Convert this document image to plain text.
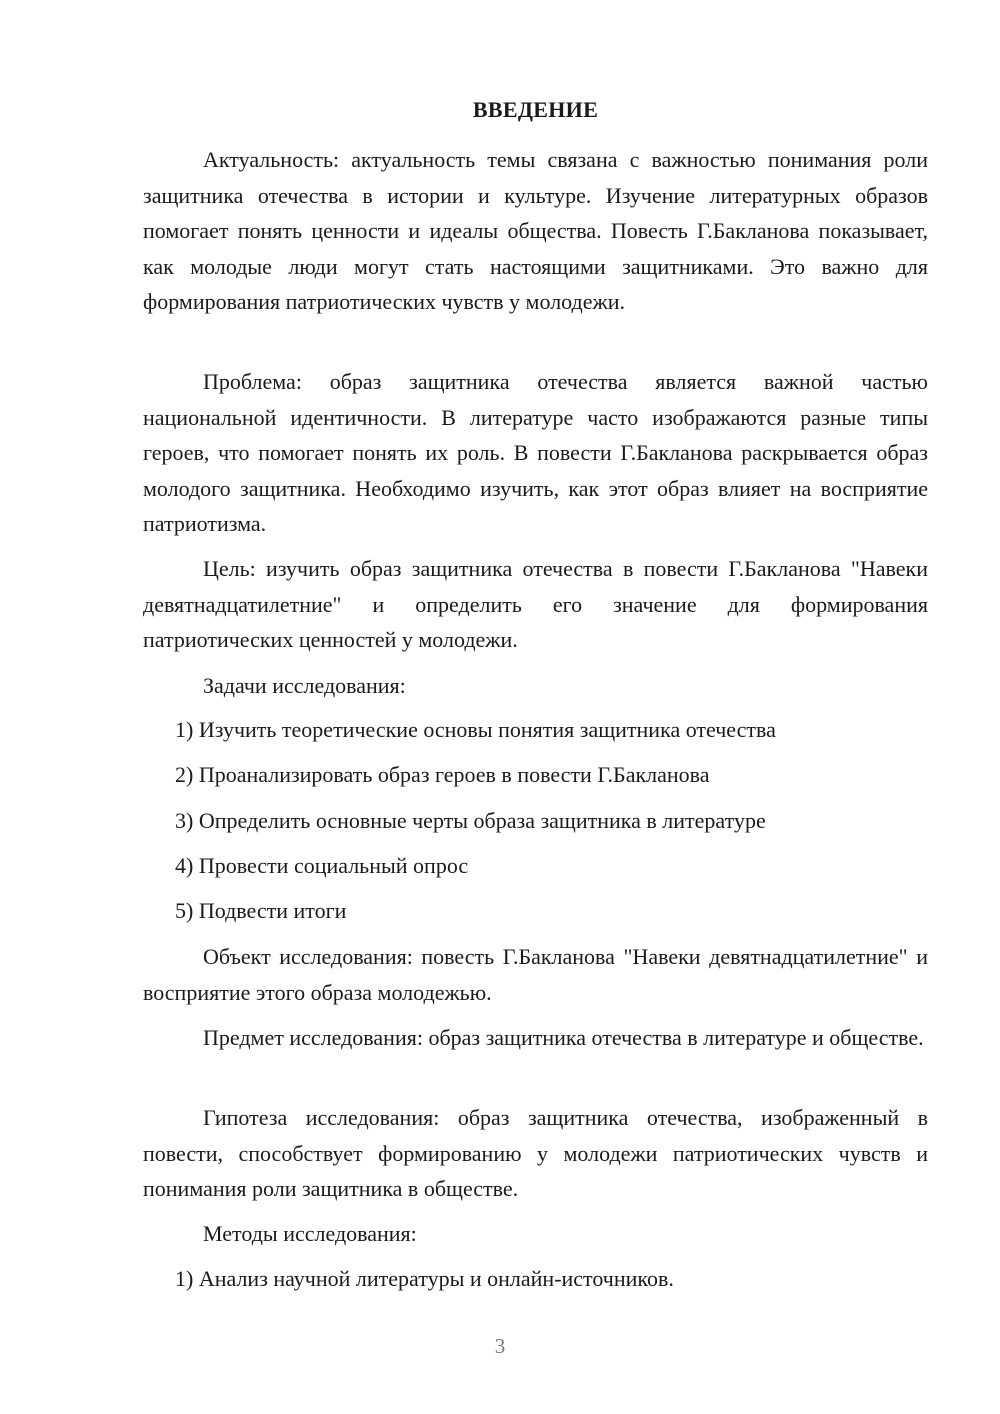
ВВЕДЕНИЕ

Актуальность: актуальность темы связана с важностью понимания роли защитника отечества в истории и культуре. Изучение литературных образов помогает понять ценности и идеалы общества. Повесть Г.Бакланова показывает, как молодые люди могут стать настоящими защитниками. Это важно для формирования патриотических чувств у молодежи.

Проблема: образ защитника отечества является важной частью национальной идентичности. В литературе часто изображаются разные типы героев, что помогает понять их роль. В повести Г.Бакланова раскрывается образ молодого защитника. Необходимо изучить, как этот образ влияет на восприятие патриотизма.

Цель: изучить образ защитника отечества в повести Г.Бакланова "Навеки девятнадцатилетние" и определить его значение для формирования патриотических ценностей у молодежи.

Задачи исследования:

1) Изучить теоретические основы понятия защитника отечества

2) Проанализировать образ героев в повести Г.Бакланова

3) Определить основные черты образа защитника в литературе

4) Провести социальный опрос

5) Подвести итоги

Объект исследования: повесть Г.Бакланова "Навеки девятнадцатилетние" и восприятие этого образа молодежью.

Предмет исследования: образ защитника отечества в литературе и обществе.

Гипотеза исследования: образ защитника отечества, изображенный в повести, способствует формированию у молодежи патриотических чувств и понимания роли защитника в обществе.

Методы исследования:

1) Анализ научной литературы и онлайн-источников.

3
